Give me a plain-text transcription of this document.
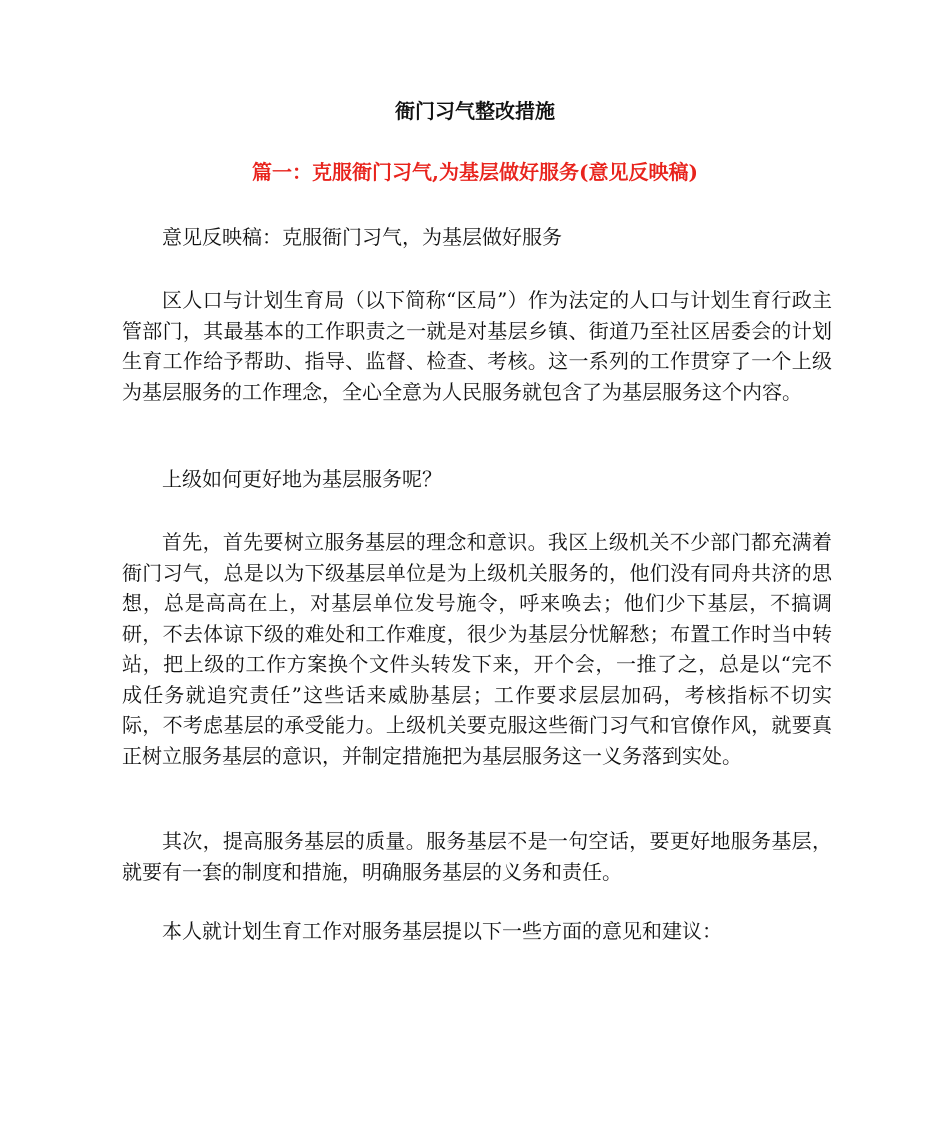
衙门习气整改措施
篇一：克服衙门习气,为基层做好服务(意见反映稿)

意见反映稿：克服衙门习气，为基层做好服务

区人口与计划生育局（以下简称“区局”）作为法定的人口与计划生育行政主管部门，其最基本的工作职责之一就是对基层乡镇、街道乃至社区居委会的计划生育工作给予帮助、指导、监督、检查、考核。这一系列的工作贯穿了一个上级为基层服务的工作理念，全心全意为人民服务就包含了为基层服务这个内容。

上级如何更好地为基层服务呢？

首先，首先要树立服务基层的理念和意识。我区上级机关不少部门都充满着衙门习气，总是以为下级基层单位是为上级机关服务的，他们没有同舟共济的思想，总是高高在上，对基层单位发号施令，呼来唤去；他们少下基层，不搞调研，不去体谅下级的难处和工作难度，很少为基层分忧解愁；布置工作时当中转站，把上级的工作方案换个文件头转发下来，开个会，一推了之，总是以“完不成任务就追究责任”这些话来威胁基层；工作要求层层加码，考核指标不切实际，不考虑基层的承受能力。上级机关要克服这些衙门习气和官僚作风，就要真正树立服务基层的意识，并制定措施把为基层服务这一义务落到实处。

其次，提高服务基层的质量。服务基层不是一句空话，要更好地服务基层，就要有一套的制度和措施，明确服务基层的义务和责任。

本人就计划生育工作对服务基层提以下一些方面的意见和建议：
